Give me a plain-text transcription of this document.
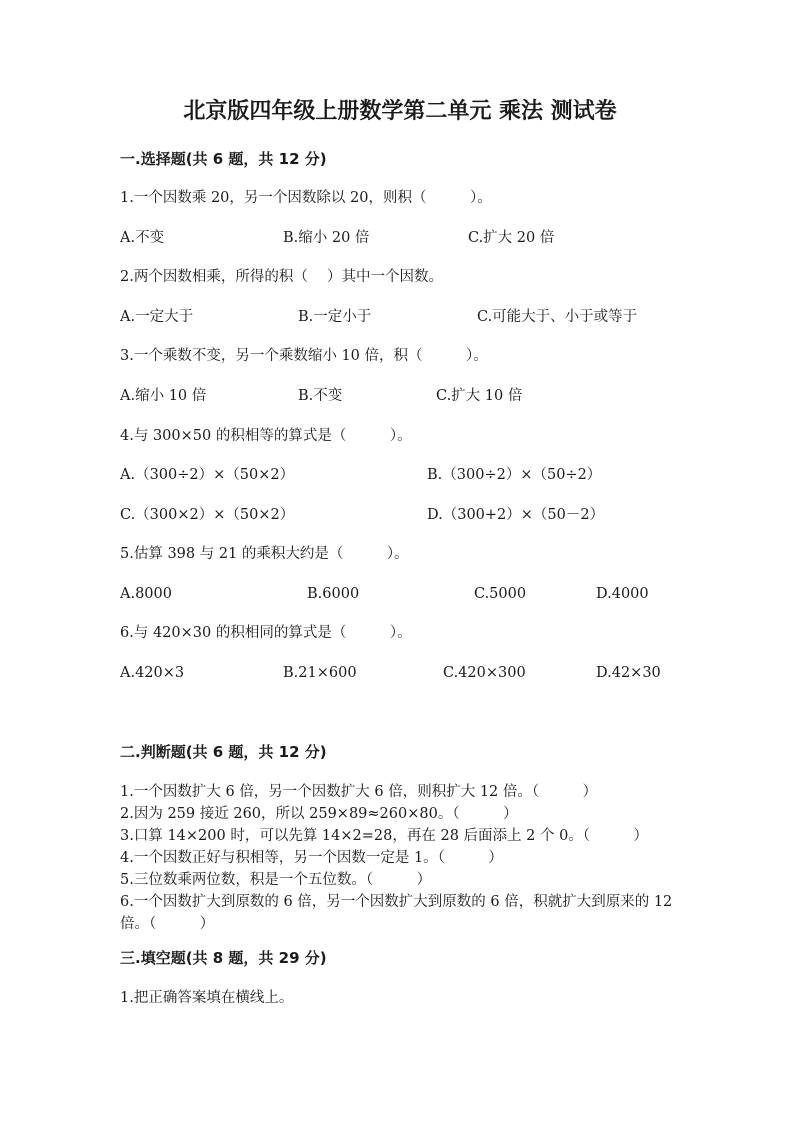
北京版四年级上册数学第二单元 乘法 测试卷
一.选择题(共 6 题，共 12 分)
1.一个因数乘 20，另一个因数除以 20，则积（　　　）。
A.不变	B.缩小 20 倍	C.扩大 20 倍
2.两个因数相乘，所得的积（　 ）其中一个因数。
A.一定大于	B.一定小于	C.可能大于、小于或等于
3.一个乘数不变，另一个乘数缩小 10 倍，积（　　　）。
A.缩小 10 倍	B.不变	C.扩大 10 倍
4.与 300×50 的积相等的算式是（　　　）。
A.（300÷2）×（50×2）	B.（300÷2）×（50÷2）
C.（300×2）×（50×2）	D.（300+2）×（50－2）
5.估算 398 与 21 的乘积大约是（　　　）。
A.8000	B.6000	C.5000	D.4000
6.与 420×30 的积相同的算式是（　　　）。
A.420×3	B.21×600	C.420×300	D.42×30
二.判断题(共 6 题，共 12 分)
1.一个因数扩大 6 倍，另一个因数扩大 6 倍，则积扩大 12 倍。（　　　）
2.因为 259 接近 260，所以 259×89≈260×80。（　　　）
3.口算 14×200 时，可以先算 14×2=28，再在 28 后面添上 2 个 0。（　　　）
4.一个因数正好与积相等，另一个因数一定是 1。（　　　）
5.三位数乘两位数，积是一个五位数。（　　　）
6.一个因数扩大到原数的 6 倍，另一个因数扩大到原数的 6 倍，积就扩大到原来的 12 倍。（　　　）
三.填空题(共 8 题，共 29 分)
1.把正确答案填在横线上。
